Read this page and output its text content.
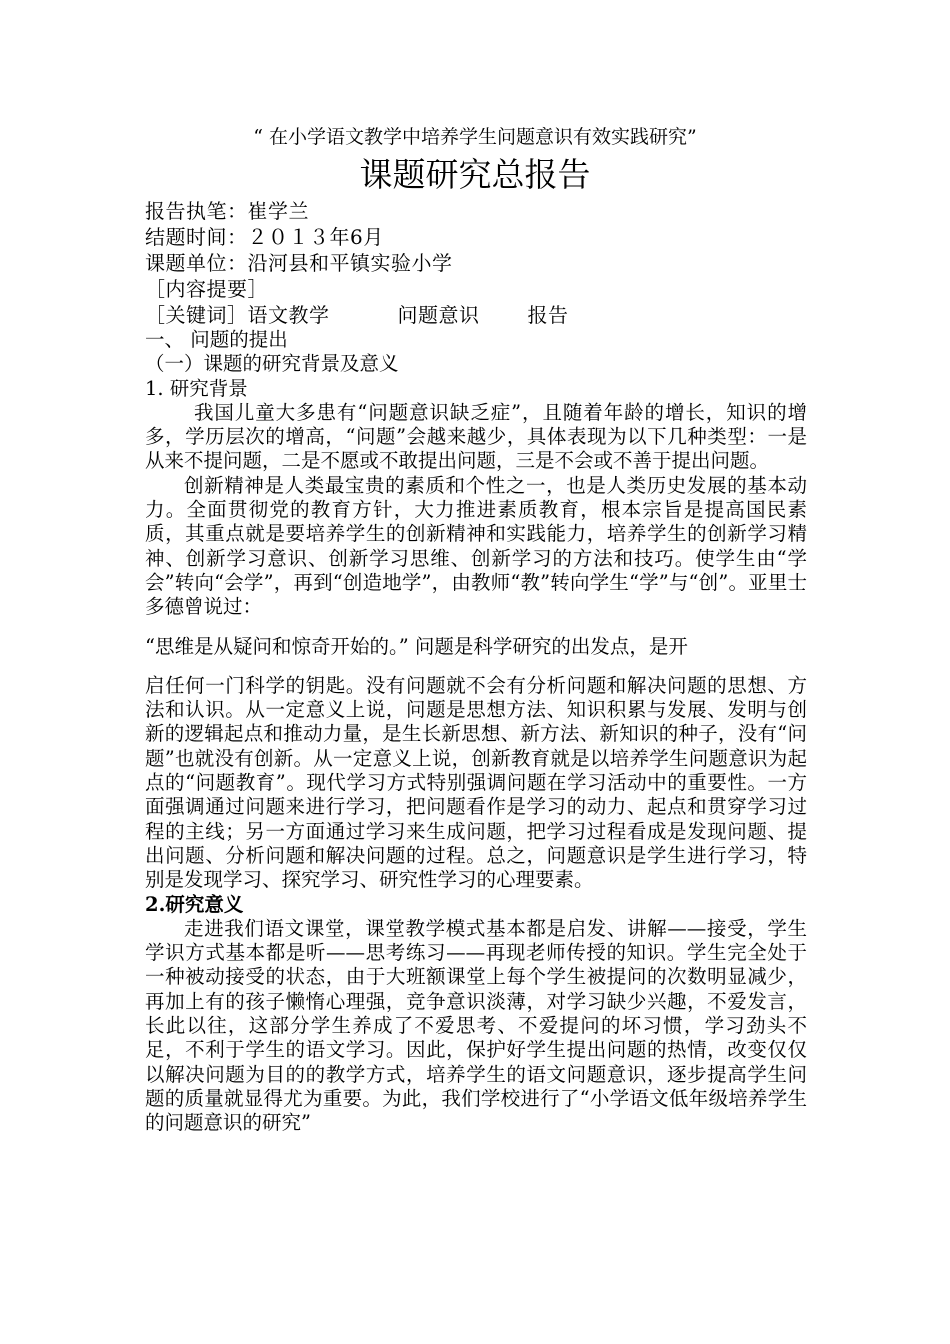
“ 在小学语文教学中培养学生问题意识有效实践研究”
课题研究总报告
报告执笔：崔学兰
结题时间：２０１３年6月
课题单位：沿河县和平镇实验小学
［内容提要］
［关键词］语文教学	问题意识 报告
一、 问题的提出
（一）课题的研究背景及意义
1. 研究背景

我国儿童大多患有“问题意识缺乏症”，且随着年龄的增长，知识的增多，学历层次的增高，“问题”会越来越少，具体表现为以下几种类型：一是从来不提问题，二是不愿或不敢提出问题，三是不会或不善于提出问题。

创新精神是人类最宝贵的素质和个性之一，也是人类历史发展的基本动力。全面贯彻党的教育方针，大力推进素质教育，根本宗旨是提高国民素质，其重点就是要培养学生的创新精神和实践能力，培养学生的创新学习精神、创新学习意识、创新学习思维、创新学习的方法和技巧。使学生由“学会”转向“会学”，再到“创造地学”，由教师“教”转向学生“学”与“创”。亚里士多德曾说过：

“思维是从疑问和惊奇开始的。” 问题是科学研究的出发点，是开

启任何一门科学的钥匙。没有问题就不会有分析问题和解决问题的思想、方法和认识。从一定意义上说，问题是思想方法、知识积累与发展、发明与创新的逻辑起点和推动力量，是生长新思想、新方法、新知识的种子，没有“问题”也就没有创新。从一定意义上说，创新教育就是以培养学生问题意识为起点的“问题教育”。现代学习方式特别强调问题在学习活动中的重要性。一方面强调通过问题来进行学习，把问题看作是学习的动力、起点和贯穿学习过程的主线；另一方面通过学习来生成问题，把学习过程看成是发现问题、提出问题、分析问题和解决问题的过程。总之，问题意识是学生进行学习，特别是发现学习、探究学习、研究性学习的心理要素。

2.研究意义

走进我们语文课堂，课堂教学模式基本都是启发、讲解——接受，学生学识方式基本都是听——思考练习——再现老师传授的知识。学生完全处于一种被动接受的状态，由于大班额课堂上每个学生被提问的次数明显减少，再加上有的孩子懒惰心理强，竞争意识淡薄，对学习缺少兴趣，不爱发言，长此以往，这部分学生养成了不爱思考、不爱提问的坏习惯，学习劲头不足，不利于学生的语文学习。因此，保护好学生提出问题的热情，改变仅仅以解决问题为目的的教学方式，培养学生的语文问题意识，逐步提高学生问题的质量就显得尤为重要。为此，我们学校进行了“小学语文低年级培养学生的问题意识的研究”
